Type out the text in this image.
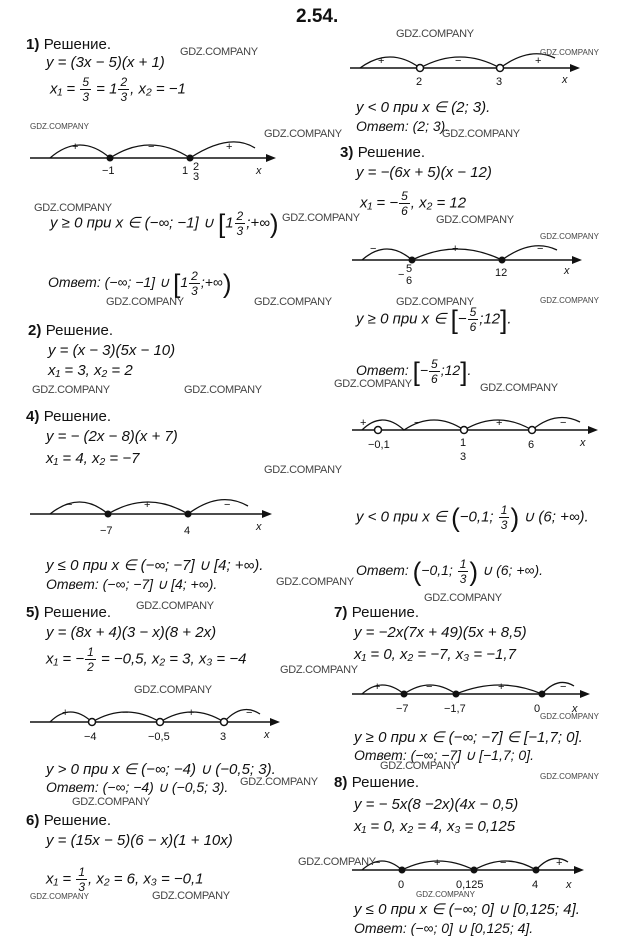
2.54.
1) Решение.
y = (3x − 5)(x + 1)
$x_1 = \frac{5}{3} = 1 \frac{2}{3}$ , x₂ = −1
+	−	+
−1	1 2
3	x
y ≥ 0 при x ∈ (−∞; −1] ∪ [$1 \frac{2}{3}$ ;+∞)
Ответ: (−∞; −1] ∪ [$1 \frac{2}{3}$ ;+∞)
2) Решение.
y = (x − 3)(5x − 10)
x₁ = 3, x₂ = 2
+	−	+
2	3	x
y < 0 при x ∈ (2; 3).
Ответ: (2; 3).
3) Решение.
y = −(6x + 5)(x − 12)
x₁ = − $\frac{5}{6}$ , x₂ = 12
−	+	−
− 5
6
12	x
y ≥ 0 при x ∈ [− $\frac{5}{6}$ ;12].
Ответ: [− $\frac{5}{6}$ ;12].
4) Решение.
y = − (2x − 8)(x + 7)
x₁ = 4, x₂ = −7
−	+	−
−7	4	x
y ≤ 0 при x ∈ (−∞; −7] ∪ [4; +∞).
Ответ: (−∞; −7] ∪ [4; +∞).
+	−	+	−
−0,1	1
3
6	x
y < 0 при x ∈ (−0,1; $\frac{1}{3}$ ) ∪ (6; +∞).
Ответ: (−0,1; $\frac{1}{3}$ ) ∪ (6; +∞).
5) Решение.
y = (8x + 4)(3 − x)(8 + 2x)
x₁ = − $\frac{1}{2} = -0,5$, x₂ = 3, x₃ = −4
+	−	+	−
−4	−0,5	3	x
y > 0 при x ∈ (−∞; −4) ∪ (−0,5; 3).
Ответ: (−∞; −4) ∪ (−0,5; 3).
6) Решение.
y = (15x − 5)(6 − x)(1 + 10x)
$x_1 = \frac{1}{3}$ , x₂ = 6, x₃ = −0,1
7) Решение.
y = −2x(7x + 49)(5x + 8,5)
x₁ = 0, x₂ = −7, x₃ = −1,7
+	−	+	−
−7	−1,7	0	x
y ≥ 0 при x ∈ (−∞; −7] ∈ [−1,7; 0].
Ответ: (−∞; −7] ∪ [−1,7; 0].
8) Решение.
y = − 5x(8 −2x)(4x − 0,5)
x₁ = 0, x₂ = 4, x₃ = 0,125
−	+	−	+
0	0,125	4	x
y ≤ 0 при x ∈ (−∞; 0] ∪ [0,125; 4].
Ответ: (−∞; 0] ∪ [0,125; 4].
GDZ.COMPANY
GDZ.COMPANY
GDZ.COMPANY
GDZ.COMPANY
GDZ.COMPANY
GDZ.COMPANY	GDZ.COMPANY
GDZ.COMPANY	GDZ.COMPANY
GDZ.COMPANY
GDZ.COMPANY
GDZ.COMPANY
GDZ.COMPANY
GDZ.COMPANY
GDZ.COMPANY	GDZ.COMPANY
GDZ.COMPANY	GDZ.COMPANY
GDZ.COMPANY
GDZ.COMPANY
GDZ.COMPANY
GDZ.COMPANY
GDZ.COMPANY
GDZ.COMPANY
GDZ.COMPANY
GDZ.COMPANY
GDZ.COMPANY
GDZ.COMPANY
GDZ.COMPANY
GDZ.COMPANY
GDZ.COMPANY	GDZ.COMPANY	GDZ.COMPANY
